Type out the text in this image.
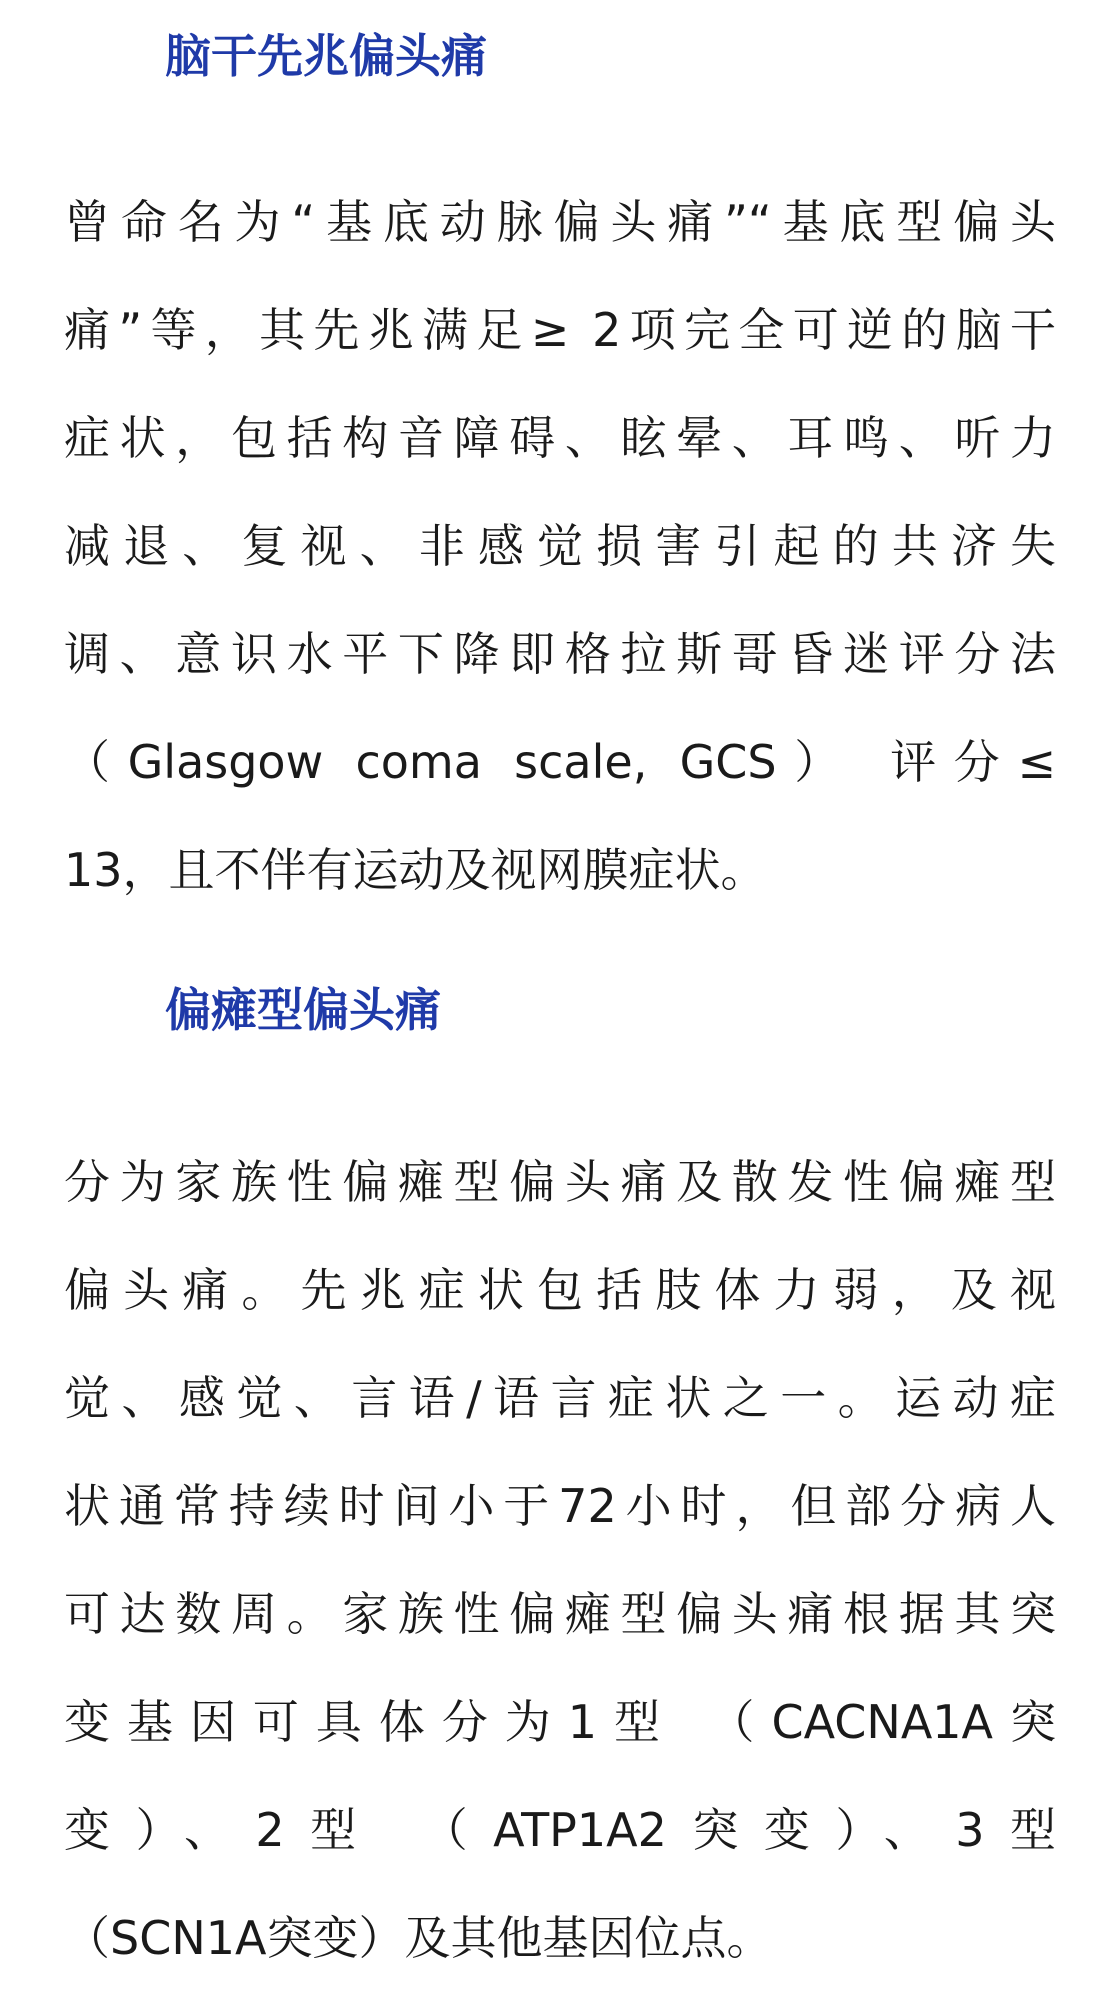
脑干先兆偏头痛
曾命名为“基底动脉偏头痛”“基底型偏头
痛”等，其先兆满足≥ 2项完全可逆的脑干
症状，包括构音障碍、眩晕、耳鸣、听力
减退、复视、非感觉损害引起的共济失
调、意识水平下降即格拉斯哥昏迷评分法
（Glasgow coma scale, GCS） 评分≤
13，且不伴有运动及视网膜症状。
偏瘫型偏头痛
分为家族性偏瘫型偏头痛及散发性偏瘫型
偏头痛。先兆症状包括肢体力弱，及视
觉、感觉、言语/语言症状之一。运动症
状通常持续时间小于72小时，但部分病人
可达数周。家族性偏瘫型偏头痛根据其突
变基因可具体分为1型 （CACNA1A突
变）、2型 （ATP1A2突变）、3型
（SCN1A突变）及其他基因位点。
